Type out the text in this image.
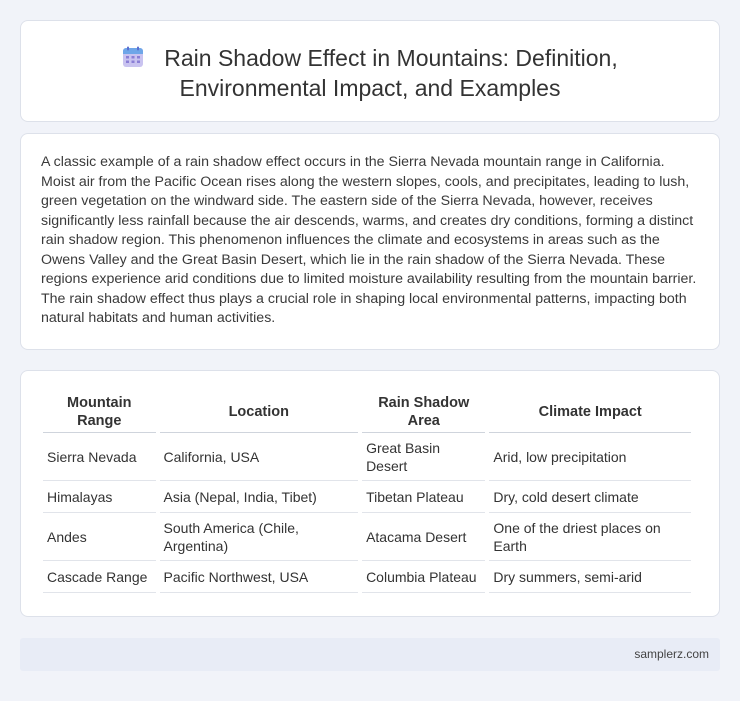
Rain Shadow Effect in Mountains: Definition, Environmental Impact, and Examples

A classic example of a rain shadow effect occurs in the Sierra Nevada mountain range in California. Moist air from the Pacific Ocean rises along the western slopes, cools, and precipitates, leading to lush, green vegetation on the windward side. The eastern side of the Sierra Nevada, however, receives significantly less rainfall because the air descends, warms, and creates dry conditions, forming a distinct rain shadow region. This phenomenon influences the climate and ecosystems in areas such as the Owens Valley and the Great Basin Desert, which lie in the rain shadow of the Sierra Nevada. These regions experience arid conditions due to limited moisture availability resulting from the mountain barrier. The rain shadow effect thus plays a crucial role in shaping local environmental patterns, impacting both natural habitats and human activities.

Mountain Range	Location	Rain Shadow Area	Climate Impact
Sierra Nevada	California, USA	Great Basin Desert	Arid, low precipitation
Himalayas	Asia (Nepal, India, Tibet)	Tibetan Plateau	Dry, cold desert climate
Andes	South America (Chile, Argentina)	Atacama Desert	One of the driest places on Earth
Cascade Range	Pacific Northwest, USA	Columbia Plateau	Dry summers, semi-arid
samplerz.com
